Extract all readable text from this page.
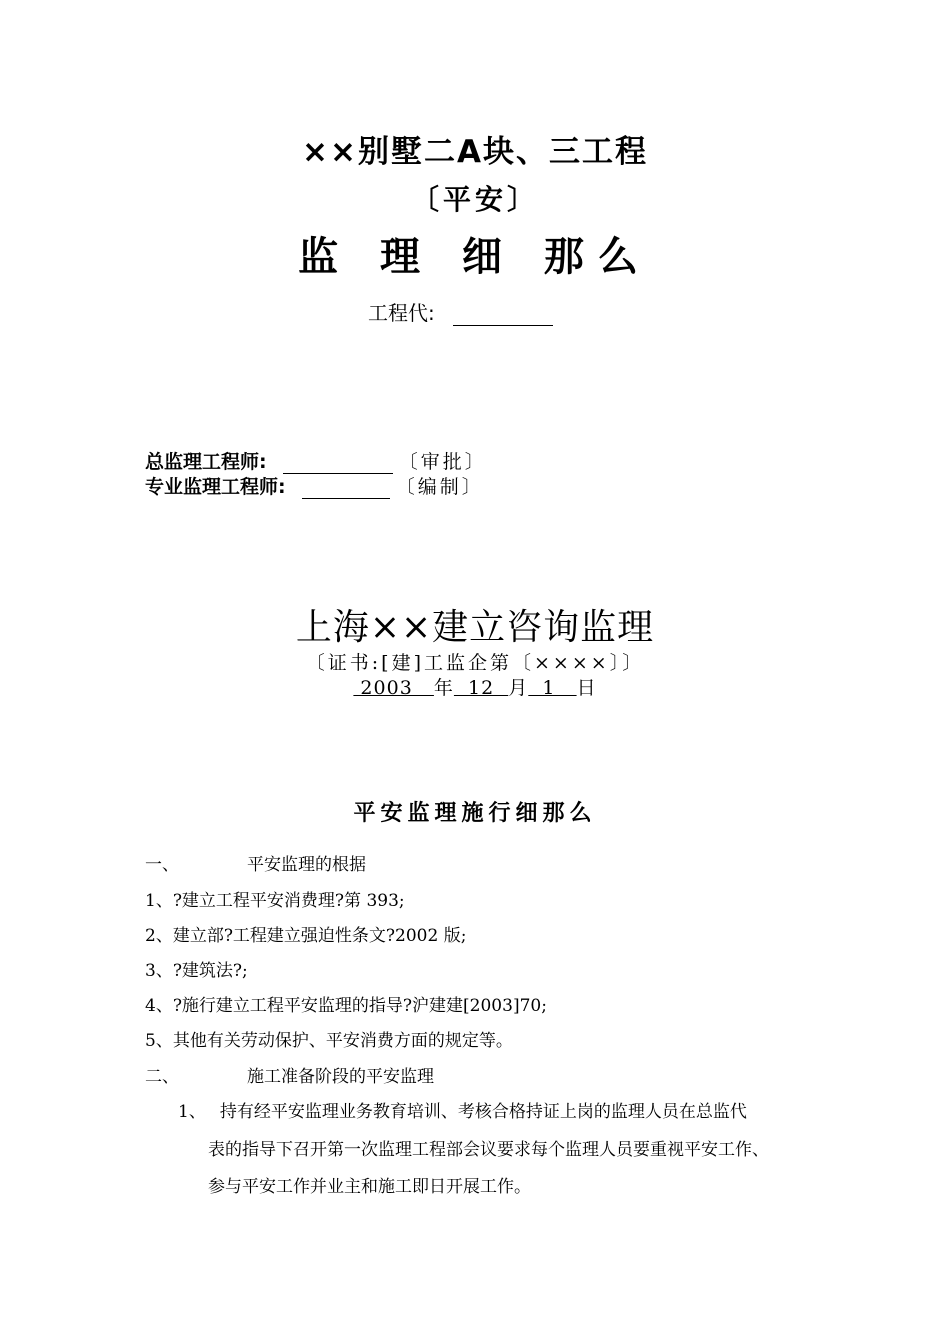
××别墅二A块、三工程
〔平安〕
监 理 细 那么
工程代:
总监理工程师:	〔审批〕
专业监理工程师:	〔编制〕
上海××建立咨询监理
〔证书:[建]工监企第〔××××〕〕
2003   年  12  月  1   日
平安监理施行细那么
一、	平安监理的根据
1、?建立工程平安消费理?第 393;
2、建立部?工程建立强迫性条文?2002 版;
3、?建筑法?;
4、?施行建立工程平安监理的指导?沪建建[2003]70;
5、其他有关劳动保护、平安消费方面的规定等。
二、	施工准备阶段的平安监理
1、 持有经平安监理业务教育培训、考核合格持证上岗的监理人员在总监代
表的指导下召开第一次监理工程部会议要求每个监理人员要重视平安工作、
参与平安工作并业主和施工即日开展工作。
